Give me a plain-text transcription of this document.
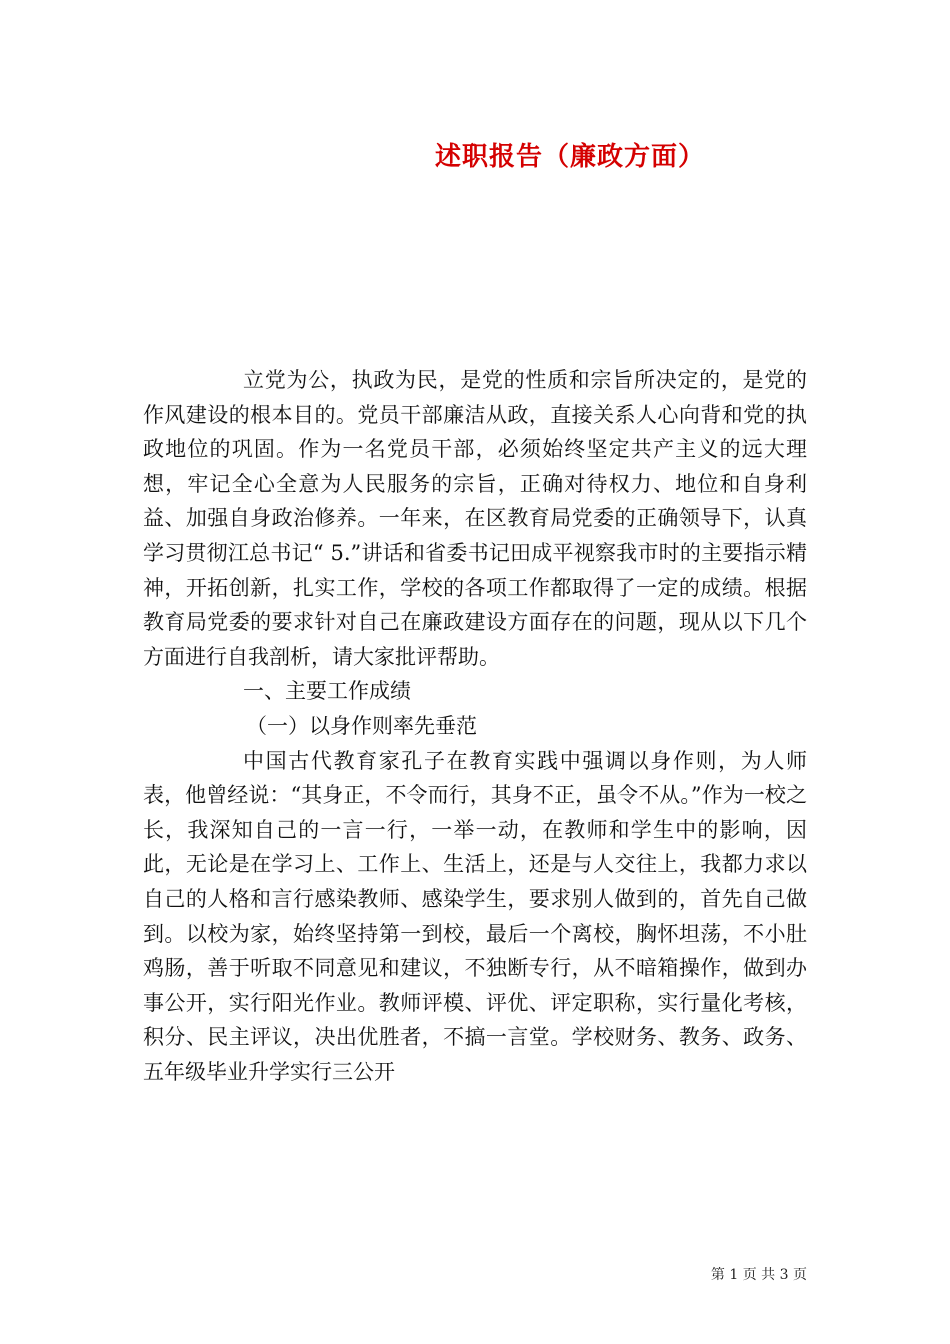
述职报告（廉政方面）

立党为公，执政为民，是党的性质和宗旨所决定的，是党的作风建设的根本目的。党员干部廉洁从政，直接关系人心向背和党的执政地位的巩固。作为一名党员干部，必须始终坚定共产主义的远大理想，牢记全心全意为人民服务的宗旨，正确对待权力、地位和自身利益、加强自身政治修养。一年来，在区教育局党委的正确领导下，认真学习贯彻江总书记“ 5.”讲话和省委书记田成平视察我市时的主要指示精神，开拓创新，扎实工作，学校的各项工作都取得了一定的成绩。根据教育局党委的要求针对自己在廉政建设方面存在的问题，现从以下几个方面进行自我剖析，请大家批评帮助。

一、主要工作成绩

（一）以身作则率先垂范

中国古代教育家孔子在教育实践中强调以身作则，为人师表，他曾经说：“其身正，不令而行，其身不正，虽令不从。”作为一校之长，我深知自己的一言一行，一举一动，在教师和学生中的影响，因此，无论是在学习上、工作上、生活上，还是与人交往上，我都力求以自己的人格和言行感染教师、感染学生，要求别人做到的，首先自己做到。以校为家，始终坚持第一到校，最后一个离校，胸怀坦荡，不小肚鸡肠，善于听取不同意见和建议，不独断专行，从不暗箱操作，做到办事公开，实行阳光作业。教师评模、评优、评定职称，实行量化考核，积分、民主评议，决出优胜者，不搞一言堂。学校财务、教务、政务、五年级毕业升学实行三公开

第 1 页 共 3 页
